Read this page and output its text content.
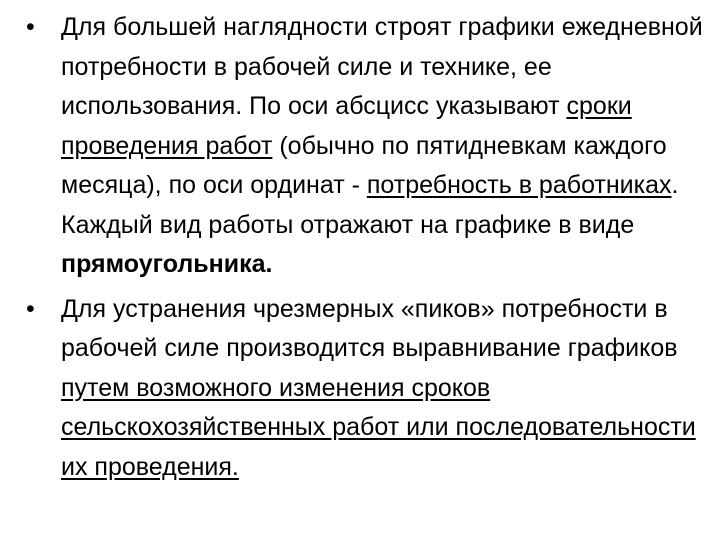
• Для большей наглядности строят графики ежедневной потребности в рабочей силе и технике, ее использования. По оси абсцисс указывают сроки проведения работ (обычно по пятидневкам каждого месяца), по оси ординат - потребность в работниках. Каждый вид работы отражают на графике в виде прямоугольника.
• Для устранения чрезмерных «пиков» потребности в рабочей силе производится выравнивание графиков путем возможного изменения сроков сельскохозяйственных работ или последовательности их проведения.
